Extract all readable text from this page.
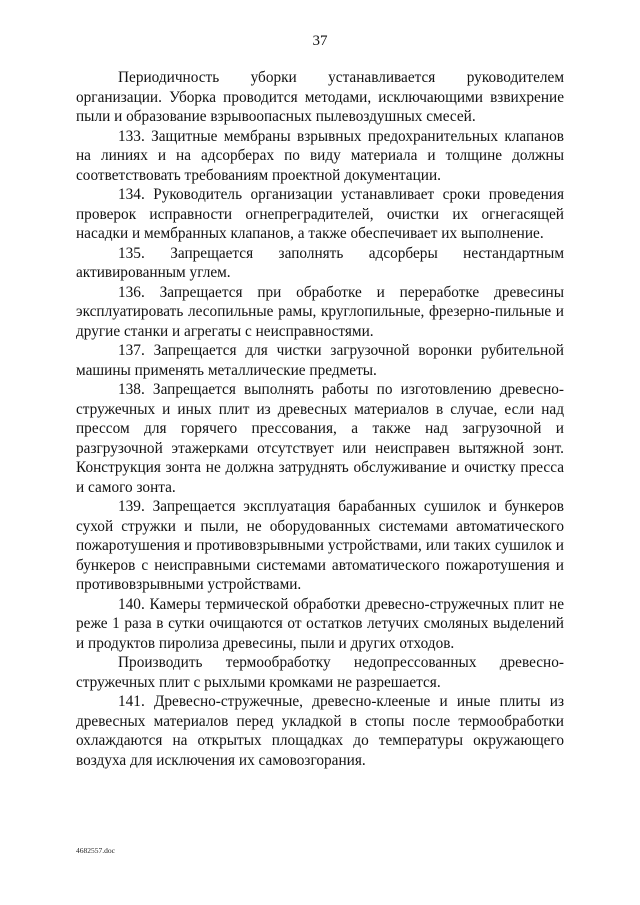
37

Периодичность уборки устанавливается руководителем организации. Уборка проводится методами, исключающими взвихрение пыли и образование взрывоопасных пылевоздушных смесей.

133. Защитные мембраны взрывных предохранительных клапанов на линиях и на адсорберах по виду материала и толщине должны соответствовать требованиям проектной документации.

134. Руководитель организации устанавливает сроки проведения проверок исправности огнепреградителей, очистки их огнегасящей насадки и мембранных клапанов, а также обеспечивает их выполнение.

135. Запрещается заполнять адсорберы нестандартным активированным углем.

136. Запрещается при обработке и переработке древесины эксплуатировать лесопильные рамы, круглопильные, фрезерно-пильные и другие станки и агрегаты с неисправностями.

137. Запрещается для чистки загрузочной воронки рубительной машины применять металлические предметы.

138. Запрещается выполнять работы по изготовлению древесно-стружечных и иных плит из древесных материалов в случае, если над прессом для горячего прессования, а также над загрузочной и разгрузочной этажерками отсутствует или неисправен вытяжной зонт. Конструкция зонта не должна затруднять обслуживание и очистку пресса и самого зонта.

139. Запрещается эксплуатация барабанных сушилок и бункеров сухой стружки и пыли, не оборудованных системами автоматического пожаротушения и противовзрывными устройствами, или таких сушилок и бункеров с неисправными системами автоматического пожаротушения и противовзрывными устройствами.

140. Камеры термической обработки древесно-стружечных плит не реже 1 раза в сутки очищаются от остатков летучих смоляных выделений и продуктов пиролиза древесины, пыли и других отходов.

Производить термообработку недопрессованных древесно-стружечных плит с рыхлыми кромками не разрешается.

141. Древесно-стружечные, древесно-клееные и иные плиты из древесных материалов перед укладкой в стопы после термообработки охлаждаются на открытых площадках до температуры окружающего воздуха для исключения их самовозгорания.

4682557.doc
